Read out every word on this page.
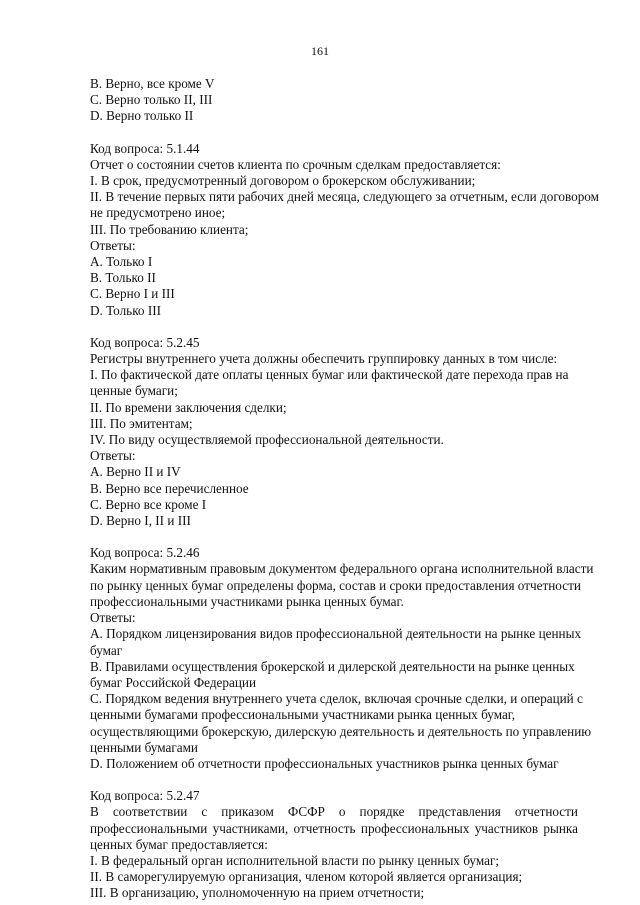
161
B. Верно, все кроме V
C. Верно только II, III
D. Верно только II
Код вопроса: 5.1.44
Отчет о состоянии счетов клиента по срочным сделкам предоставляется:
I. В срок, предусмотренный договором о брокерском обслуживании;
II. В течение первых пяти рабочих дней месяца, следующего за отчетным, если договором
не предусмотрено иное;
III. По требованию клиента;
Ответы:
A. Только I
B. Только II
C. Верно I и III
D. Только III
Код вопроса: 5.2.45
Регистры внутреннего учета должны обеспечить группировку данных в том числе:
I. По фактической дате оплаты ценных бумаг или фактической дате перехода прав на
ценные бумаги;
II. По времени заключения сделки;
III. По эмитентам;
IV. По виду осуществляемой профессиональной деятельности.
Ответы:
A. Верно II и IV
B. Верно все перечисленное
C. Верно все кроме I
D. Верно I, II и III
Код вопроса: 5.2.46
Каким нормативным правовым документом федерального органа исполнительной власти
по рынку ценных бумаг определены форма, состав и сроки предоставления отчетности
профессиональными участниками рынка ценных бумаг.
Ответы:
A. Порядком лицензирования видов профессиональной деятельности на рынке ценных
бумаг
B. Правилами осуществления брокерской и дилерской деятельности на рынке ценных
бумаг Российской Федерации
C. Порядком ведения внутреннего учета сделок, включая срочные сделки, и операций с
ценными бумагами профессиональными участниками рынка ценных бумаг,
осуществляющими брокерскую, дилерскую деятельность и деятельность по управлению
ценными бумагами
D. Положением об отчетности профессиональных участников рынка ценных бумаг
Код вопроса: 5.2.47
В соответствии с приказом ФСФР о порядке представления отчетности
профессиональными участниками, отчетность профессиональных участников рынка
ценных бумаг предоставляется:
I. В федеральный орган исполнительной власти по рынку ценных бумаг;
II. В саморегулируемую организация, членом которой является организация;
III. В организацию, уполномоченную на прием отчетности;
